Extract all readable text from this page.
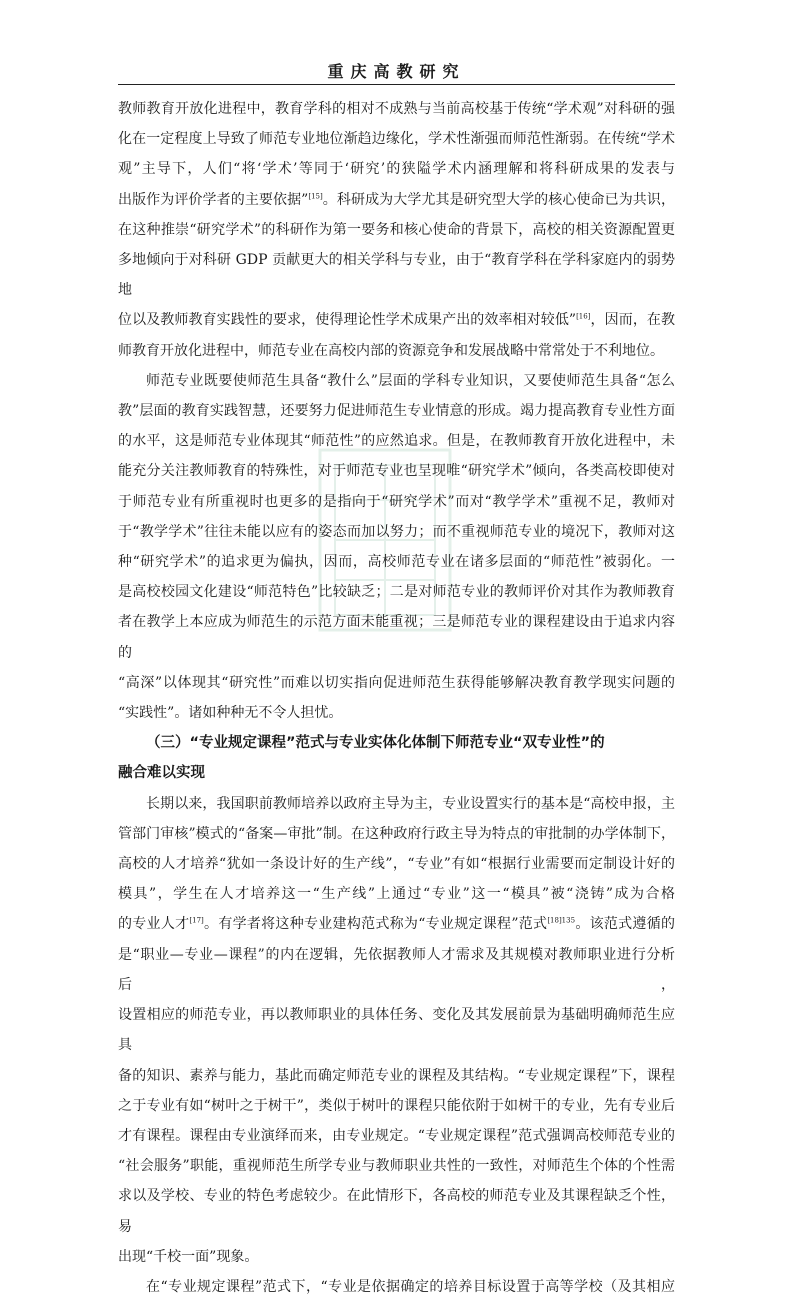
重庆高教研究

教师教育开放化进程中，教育学科的相对不成熟与当前高校基于传统“学术观”对科研的强

化在一定程度上导致了师范专业地位渐趋边缘化，学术性渐强而师范性渐弱。在传统“学术

观”主导下，人们“将‘学术’等同于‘研究’的狭隘学术内涵理解和将科研成果的发表与

出版作为评价学者的主要依据”[15]。科研成为大学尤其是研究型大学的核心使命已为共识，

在这种推崇“研究学术”的科研作为第一要务和核心使命的背景下，高校的相关资源配置更

多地倾向于对科研 GDP 贡献更大的相关学科与专业，由于“教育学科在学科家庭内的弱势地

位以及教师教育实践性的要求，使得理论性学术成果产出的效率相对较低”[16]，因而，在教

师教育开放化进程中，师范专业在高校内部的资源竞争和发展战略中常常处于不利地位。

师范专业既要使师范生具备“教什么”层面的学科专业知识，又要使师范生具备“怎么

教”层面的教育实践智慧，还要努力促进师范生专业情意的形成。竭力提高教育专业性方面

的水平，这是师范专业体现其“师范性”的应然追求。但是，在教师教育开放化进程中，未

能充分关注教师教育的特殊性，对于师范专业也呈现唯“研究学术”倾向，各类高校即使对

于师范专业有所重视时也更多的是指向于“研究学术”而对“教学学术”重视不足，教师对

于“教学学术”往往未能以应有的姿态而加以努力；而不重视师范专业的境况下，教师对这

种“研究学术”的追求更为偏执，因而，高校师范专业在诸多层面的“师范性”被弱化。一

是高校校园文化建设“师范特色”比较缺乏；二是对师范专业的教师评价对其作为教师教育

者在教学上本应成为师范生的示范方面未能重视；三是师范专业的课程建设由于追求内容的

“高深”以体现其“研究性”而难以切实指向促进师范生获得能够解决教育教学现实问题的

“实践性”。诸如种种无不令人担忧。

（三）“专业规定课程”范式与专业实体化体制下师范专业“双专业性”的

融合难以实现

长期以来，我国职前教师培养以政府主导为主，专业设置实行的基本是“高校申报，主

管部门审核”模式的“备案—审批”制。在这种政府行政主导为特点的审批制的办学体制下，

高校的人才培养“犹如一条设计好的生产线”，“专业”有如“根据行业需要而定制设计好的

模具”，学生在人才培养这一“生产线”上通过“专业”这一“模具”被“浇铸”成为合格

的专业人才[17]。有学者将这种专业建构范式称为“专业规定课程”范式$^{[18]135}$。该范式遵循的

是“职业—专业—课程”的内在逻辑，先依据教师人才需求及其规模对教师职业进行分析后，

设置相应的师范专业，再以教师职业的具体任务、变化及其发展前景为基础明确师范生应具

备的知识、素养与能力，基此而确定师范专业的课程及其结构。“专业规定课程”下，课程

之于专业有如“树叶之于树干”，类似于树叶的课程只能依附于如树干的专业，先有专业后

才有课程。课程由专业演绎而来，由专业规定。“专业规定课程”范式强调高校师范专业的

“社会服务”职能，重视师范生所学专业与教师职业共性的一致性，对师范生个体的个性需

求以及学校、专业的特色考虑较少。在此情形下，各高校的师范专业及其课程缺乏个性，易

出现“千校一面”现象。

在“专业规定课程”范式下，“专业是依据确定的培养目标设置于高等学校（及其相应
